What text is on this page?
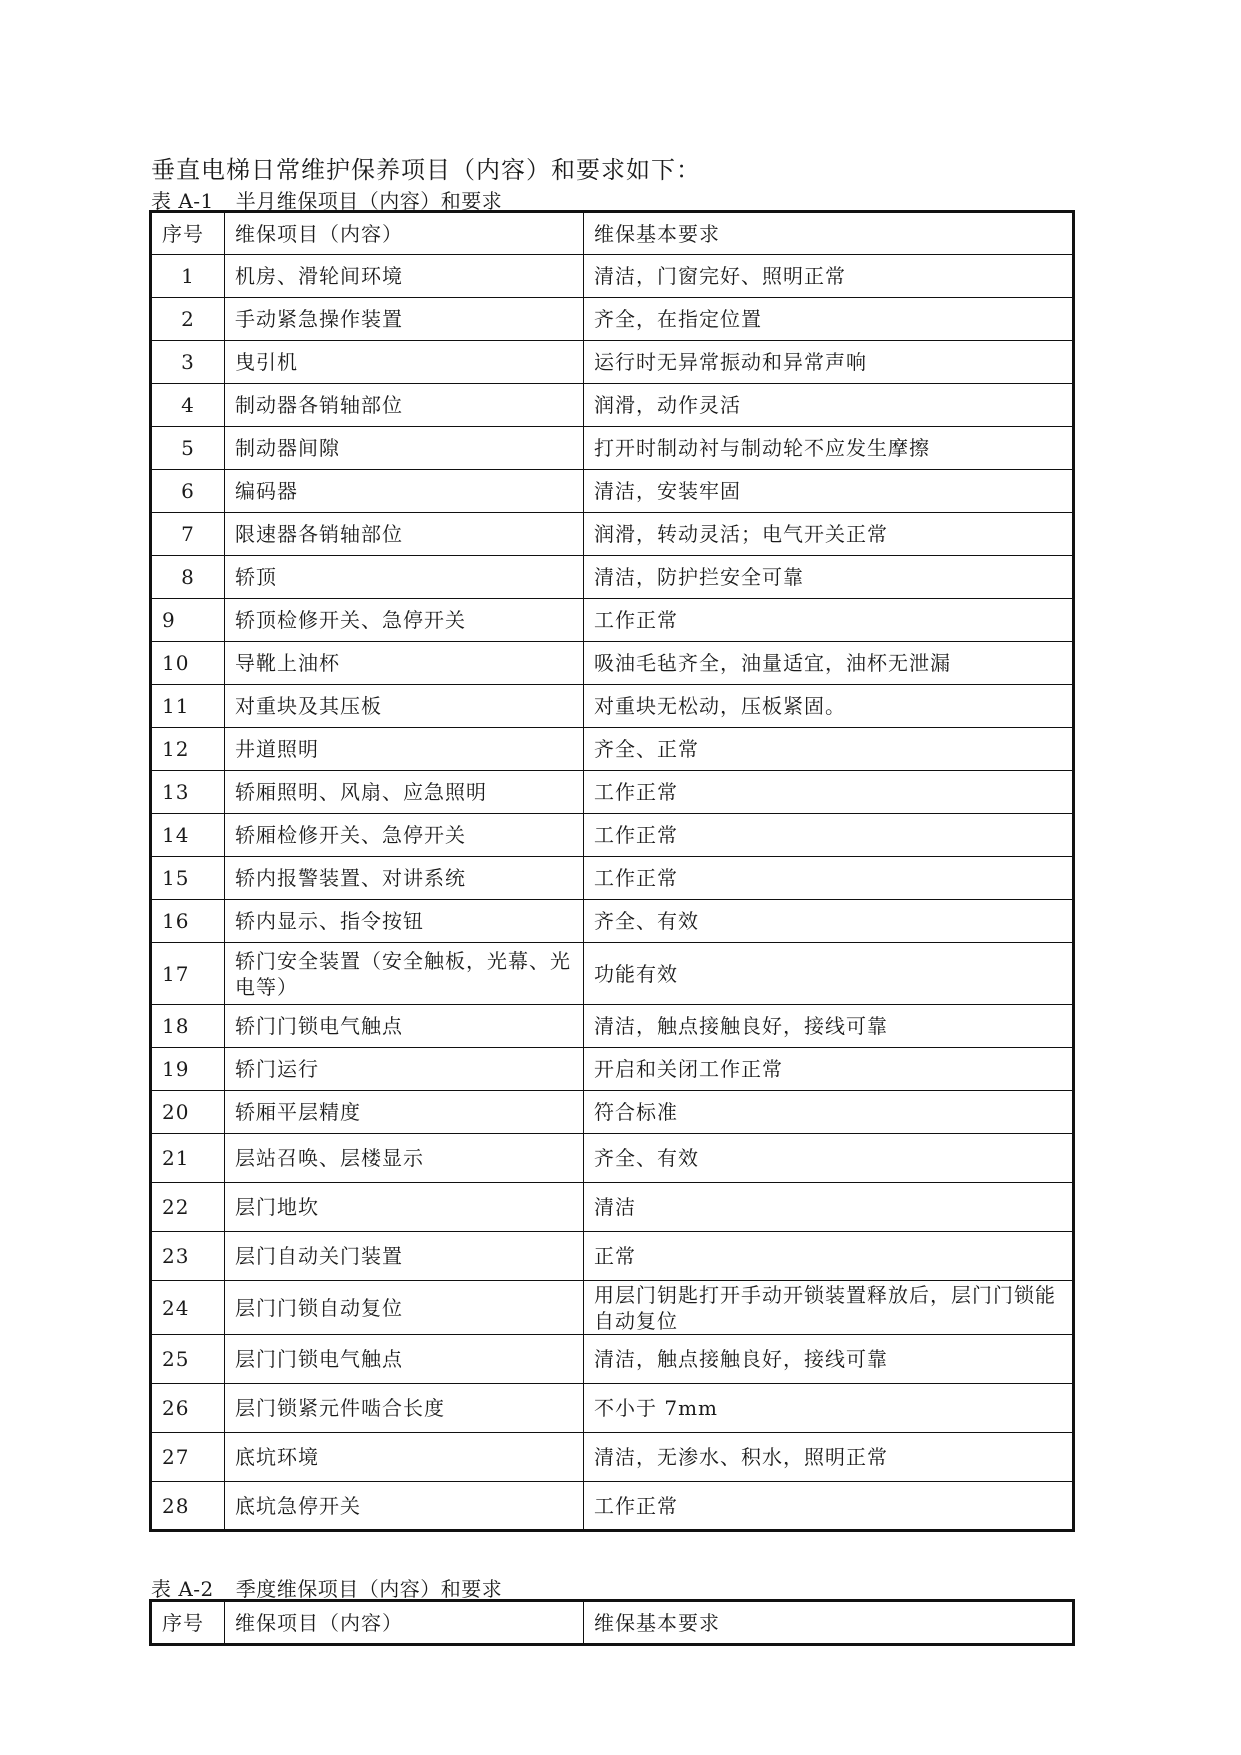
垂直电梯日常维护保养项目（内容）和要求如下：
表 A-1 半月维保项目（内容）和要求
序号	维保项目（内容）	维保基本要求
1	机房、滑轮间环境	清洁，门窗完好、照明正常
2	手动紧急操作装置	齐全，在指定位置
3	曳引机	运行时无异常振动和异常声响
4	制动器各销轴部位	润滑，动作灵活
5	制动器间隙	打开时制动衬与制动轮不应发生摩擦
6	编码器	清洁，安装牢固
7	限速器各销轴部位	润滑，转动灵活；电气开关正常
8	轿顶	清洁，防护拦安全可靠
9	轿顶检修开关、急停开关	工作正常
10	导靴上油杯	吸油毛毡齐全，油量适宜，油杯无泄漏
11	对重块及其压板	对重块无松动，压板紧固。
12	井道照明	齐全、正常
13	轿厢照明、风扇、应急照明	工作正常
14	轿厢检修开关、急停开关	工作正常
15	轿内报警装置、对讲系统	工作正常
16	轿内显示、指令按钮	齐全、有效
17	轿门安全装置（安全触板，光幕、光电等）	功能有效
18	轿门门锁电气触点	清洁，触点接触良好，接线可靠
19	轿门运行	开启和关闭工作正常
20	轿厢平层精度	符合标准
21	层站召唤、层楼显示	齐全、有效
22	层门地坎	清洁
23	层门自动关门装置	正常
24	层门门锁自动复位	用层门钥匙打开手动开锁装置释放后，层门门锁能自动复位
25	层门门锁电气触点	清洁，触点接触良好，接线可靠
26	层门锁紧元件啮合长度	不小于 7mm
27	底坑环境	清洁，无渗水、积水，照明正常
28	底坑急停开关	工作正常
表 A-2 季度维保项目（内容）和要求
序号	维保项目（内容）	维保基本要求
